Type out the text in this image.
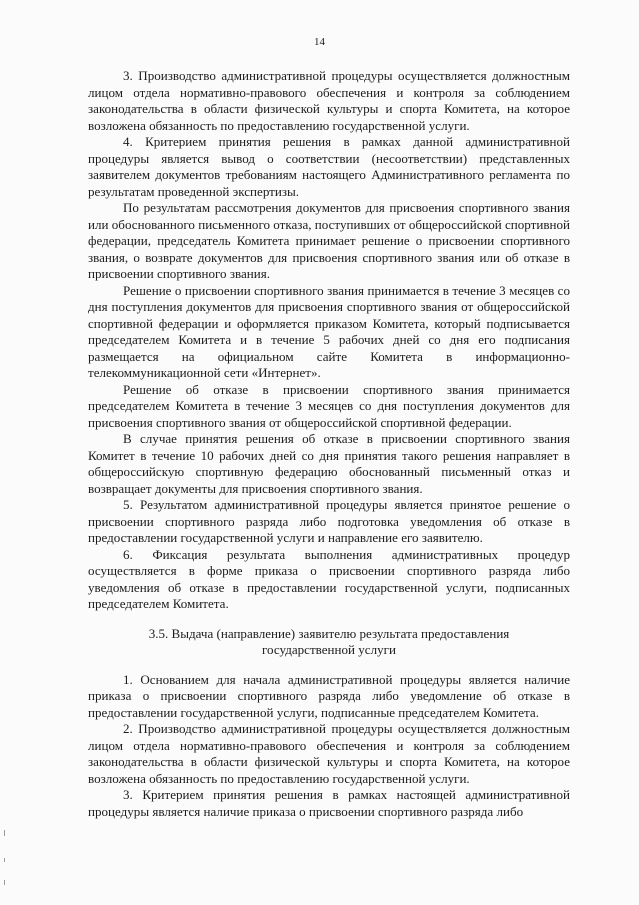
14

3. Производство административной процедуры осуществляется должностным лицом отдела нормативно-правового обеспечения и контроля за соблюдением законодательства в области физической культуры и спорта Комитета, на которое возложена обязанность по предоставлению государственной услуги.

4. Критерием принятия решения в рамках данной административной процедуры является вывод о соответствии (несоответствии) представленных заявителем документов требованиям настоящего Административного регламента по результатам проведенной экспертизы.

По результатам рассмотрения документов для присвоения спортивного звания или обоснованного письменного отказа, поступивших от общероссийской спортивной федерации, председатель Комитета принимает решение о присвоении спортивного звания, о возврате документов для присвоения спортивного звания или об отказе в присвоении спортивного звания.

Решение о присвоении спортивного звания принимается в течение 3 месяцев со дня поступления документов для присвоения спортивного звания от общероссийской спортивной федерации и оформляется приказом Комитета, который подписывается председателем Комитета и в течение 5 рабочих дней со дня его подписания размещается на официальном сайте Комитета в информационно-телекоммуникационной сети «Интернет».

Решение об отказе в присвоении спортивного звания принимается председателем Комитета в течение 3 месяцев со дня поступления документов для присвоения спортивного звания от общероссийской спортивной федерации.

В случае принятия решения об отказе в присвоении спортивного звания Комитет в течение 10 рабочих дней со дня принятия такого решения направляет в общероссийскую спортивную федерацию обоснованный письменный отказ и возвращает документы для присвоения спортивного звания.

5. Результатом административной процедуры является принятое решение о присвоении спортивного разряда либо подготовка уведомления об отказе в предоставлении государственной услуги и направление его заявителю.

6. Фиксация результата выполнения административных процедур осуществляется в форме приказа о присвоении спортивного разряда либо уведомления об отказе в предоставлении государственной услуги, подписанных председателем Комитета.

3.5. Выдача (направление) заявителю результата предоставления
государственной услуги

1. Основанием для начала административной процедуры является наличие приказа о присвоении спортивного разряда либо уведомление об отказе в предоставлении государственной услуги, подписанные председателем Комитета.

2. Производство административной процедуры осуществляется должностным лицом отдела нормативно-правового обеспечения и контроля за соблюдением законодательства в области физической культуры и спорта Комитета, на которое возложена обязанность по предоставлению государственной услуги.

3. Критерием принятия решения в рамках настоящей административной процедуры является наличие приказа о присвоении спортивного разряда либо
